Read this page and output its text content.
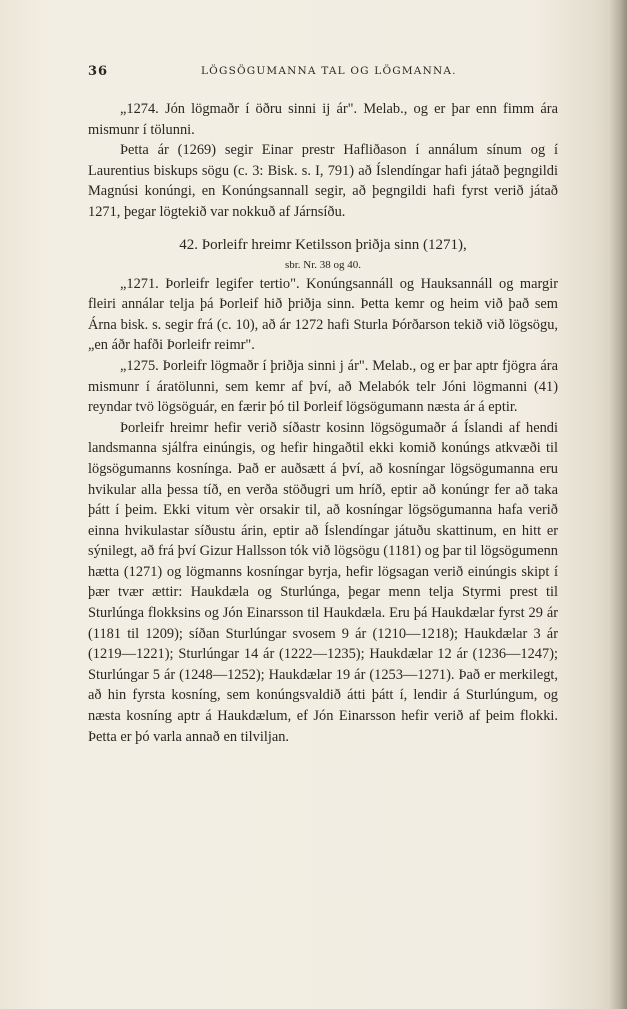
36	LÖGSÖGUMANNA TAL OG LÖGMANNA.

„1274. Jón lögmaðr í öðru sinni ij ár". Melab., og er þar enn fimm ára mismunr í tölunni.

Þetta ár (1269) segir Einar prestr Hafliðason í annálum sínum og í Laurentius biskups sögu (c. 3: Bisk. s. I, 791) að Íslendíngar hafi játað þegngildi Magnúsi konúngi, en Konúngsannall segir, að þegngildi hafi fyrst verið játað 1271, þegar lögtekið var nokkuð af Járnsíðu.

42. Þorleifr hreimr Ketilsson þriðja sinn (1271),

sbr. Nr. 38 og 40.

„1271. Þorleifr legifer tertio". Konúngsannáll og Hauksannáll og margir fleiri annálar telja þá Þorleif hið þriðja sinn. Þetta kemr og heim við það sem Árna bisk. s. segir frá (c. 10), að ár 1272 hafi Sturla Þórðarson tekið við lögsögu, „en áðr hafði Þorleifr reimr".

„1275. Þorleifr lögmaðr í þriðja sinni j ár". Melab., og er þar aptr fjögra ára mismunr í áratölunni, sem kemr af því, að Melabók telr Jóni lögmanni (41) reyndar tvö lögsöguár, en færir þó til Þorleif lögsögumann næsta ár á eptir.

Þorleifr hreimr hefir verið síðastr kosinn lögsögumaðr á Íslandi af hendi landsmanna sjálfra einúngis, og hefir hingaðtil ekki komið konúngs atkvæði til lögsögumanns kosnínga. Það er auðsætt á því, að kosníngar lögsögumanna eru hvikular alla þessa tíð, en verða stöðugri um hríð, eptir að konúngr fer að taka þátt í þeim. Ekki vitum vèr orsakir til, að kosníngar lögsögumanna hafa verið einna hvikulastar síðustu árin, eptir að Íslendíngar játuðu skattinum, en hitt er sýnilegt, að frá því Gizur Hallsson tók við lögsögu (1181) og þar til lögsögumenn hætta (1271) og lögmanns kosníngar byrja, hefir lögsagan verið einúngis skipt í þær tvær ættir: Haukdæla og Sturlúnga, þegar menn telja Styrmi prest til Sturlúnga flokksins og Jón Einarsson til Haukdæla. Eru þá Haukdælar fyrst 29 ár (1181 til 1209); síðan Sturlúngar svosem 9 ár (1210—1218); Haukdælar 3 ár (1219—1221); Sturlúngar 14 ár (1222—1235); Haukdælar 12 ár (1236—1247); Sturlúngar 5 ár (1248—1252); Haukdælar 19 ár (1253—1271). Það er merkilegt, að hin fyrsta kosníng, sem konúngsvaldið átti þátt í, lendir á Sturlúngum, og næsta kosníng aptr á Haukdælum, ef Jón Einarsson hefir verið af þeim flokki. Þetta er þó varla annað en tilviljan.
